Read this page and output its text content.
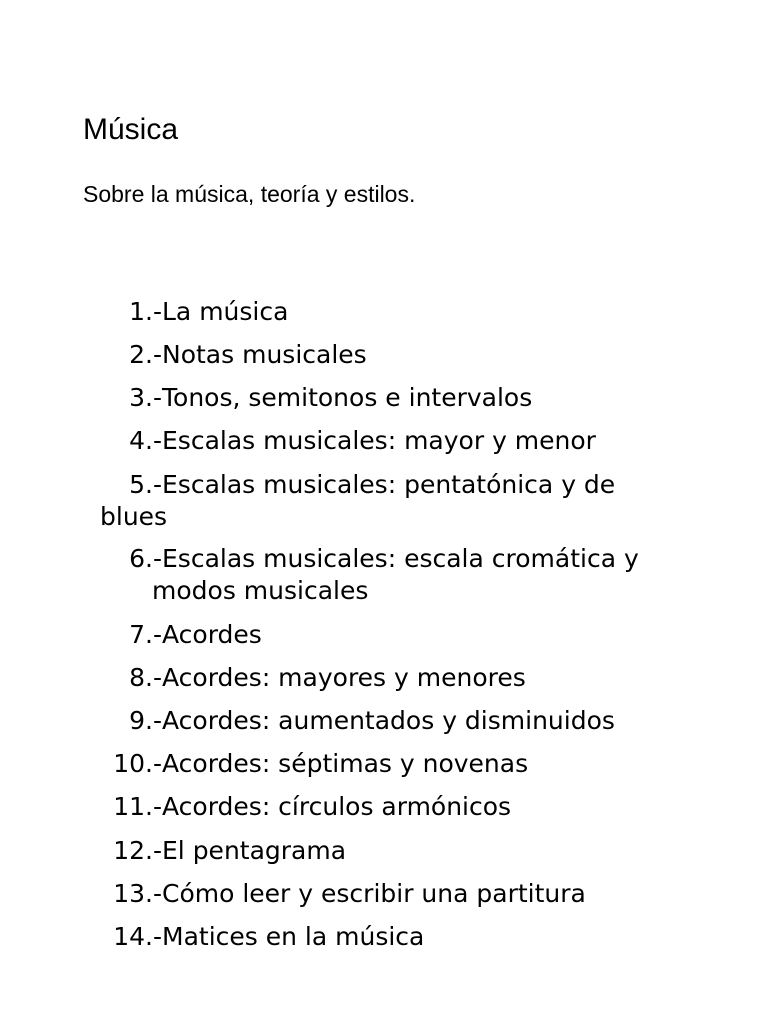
Música

Sobre la música, teoría y estilos.

1.- La música
2.- Notas musicales
3.- Tonos, semitonos e intervalos
4.- Escalas musicales: mayor y menor
5.- Escalas musicales: pentatónica y de
blues
6.- Escalas musicales: escala cromática y
modos musicales
7.- Acordes
8.- Acordes: mayores y menores
9.- Acordes: aumentados y disminuidos
10.- Acordes: séptimas y novenas
11.- Acordes: círculos armónicos
12.- El pentagrama
13.- Cómo leer y escribir una partitura
14.- Matices en la música
